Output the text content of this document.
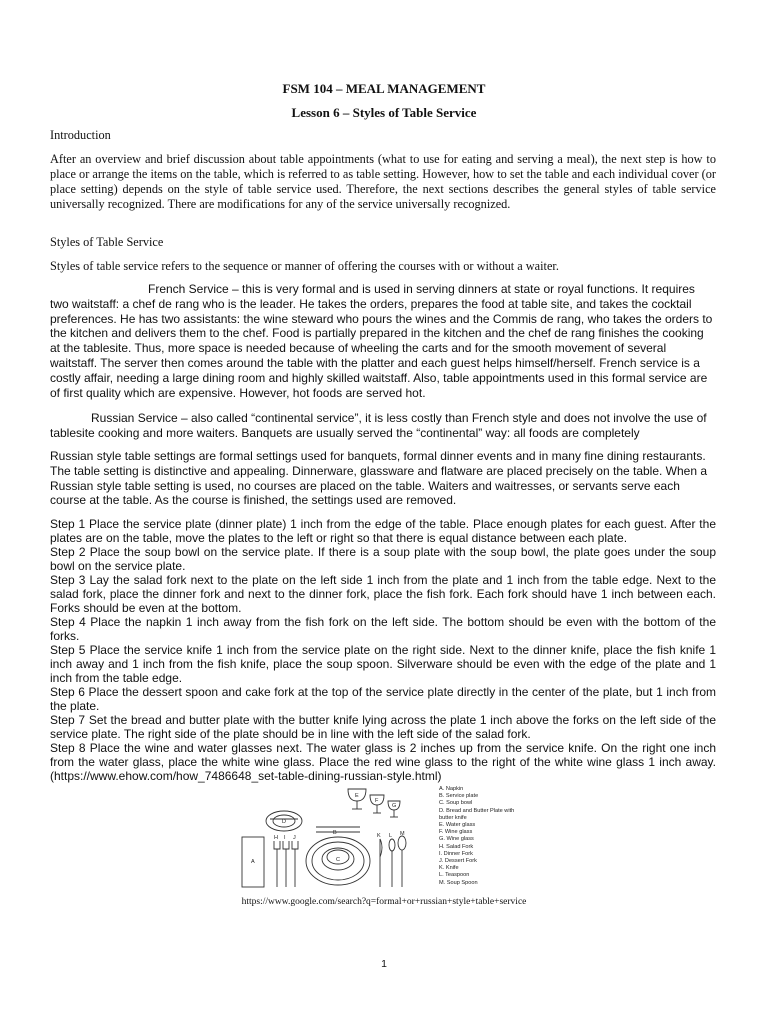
FSM 104 – MEAL MANAGEMENT
Lesson 6 – Styles of Table Service

Introduction

After an overview and brief discussion about table appointments (what to use for eating and serving a meal), the next step is how to place or arrange the items on the table, which is referred to as table setting. However, how to set the table and each individual cover (or place setting) depends on the style of table service used. Therefore, the next sections describes the general styles of table service universally recognized. There are modifications for any of the service universally recognized.

Styles of Table Service

Styles of table service refers to the sequence or manner of offering the courses with or without a waiter.

French Service – this is very formal and is used in serving dinners at state or royal functions. It requires two waitstaff: a chef de rang who is the leader. He takes the orders, prepares the food at table site, and takes the cocktail preferences. He has two assistants: the wine steward who pours the wines and the Commis de rang, who takes the orders to the kitchen and delivers them to the chef. Food is partially prepared in the kitchen and the chef de rang finishes the cooking at the tablesite. Thus, more space is needed because of wheeling the carts and for the smooth movement of several waitstaff. The server then comes around the table with the platter and each guest helps himself/herself. French service is a costly affair, needing a large dining room and highly skilled waitstaff. Also, table appointments used in this formal service are of first quality which are expensive. However, hot foods are served hot.

Russian Service – also called “continental service”, it is less costly than French style and does not involve the use of tablesite cooking and more waiters. Banquets are usually served the “continental” way: all foods are completely

Russian style table settings are formal settings used for banquets, formal dinner events and in many fine dining restaurants. The table setting is distinctive and appealing. Dinnerware, glassware and flatware are placed precisely on the table. When a Russian style table setting is used, no courses are placed on the table. Waiters and waitresses, or servants serve each course at the table. As the course is finished, the settings used are removed.

Step 1 Place the service plate (dinner plate) 1 inch from the edge of the table. Place enough plates for each guest. After the plates are on the table, move the plates to the left or right so that there is equal distance between each plate.
Step 2 Place the soup bowl on the service plate. If there is a soup plate with the soup bowl, the plate goes under the soup bowl on the service plate.
Step 3 Lay the salad fork next to the plate on the left side 1 inch from the plate and 1 inch from the table edge. Next to the salad fork, place the dinner fork and next to the dinner fork, place the fish fork. Each fork should have 1 inch between each. Forks should be even at the bottom.
Step 4 Place the napkin 1 inch away from the fish fork on the left side. The bottom should be even with the bottom of the forks.
Step 5 Place the service knife 1 inch from the service plate on the right side. Next to the dinner knife, place the fish knife 1 inch away and 1 inch from the fish knife, place the soup spoon. Silverware should be even with the edge of the plate and 1 inch from the table edge.
Step 6 Place the dessert spoon and cake fork at the top of the service plate directly in the center of the plate, but 1 inch from the plate.
Step 7 Set the bread and butter plate with the butter knife lying across the plate 1 inch above the forks on the left side of the service plate. The right side of the plate should be in line with the left side of the salad fork.
Step 8 Place the wine and water glasses next. The water glass is 2 inches up from the service knife. On the right one inch from the water glass, place the white wine glass. Place the red wine glass to the right of the white wine glass 1 inch away. (https://www.ehow.com/how_7486648_set-table-dining-russian-style.html)

A
B
C
D
E
F
G
H I J	K L M
A. Napkin
B. Service plate
C. Soup bowl
D. Bread and Butter Plate with
butter knife
E. Water glass
F. Wine glass
G. Wine glass
H. Salad Fork
I. Dinner Fork
J. Dessert Fork
K. Knife
L. Teaspoon
M. Soup Spoon
https://www.google.com/search?q=formal+or+russian+style+table+service
1
